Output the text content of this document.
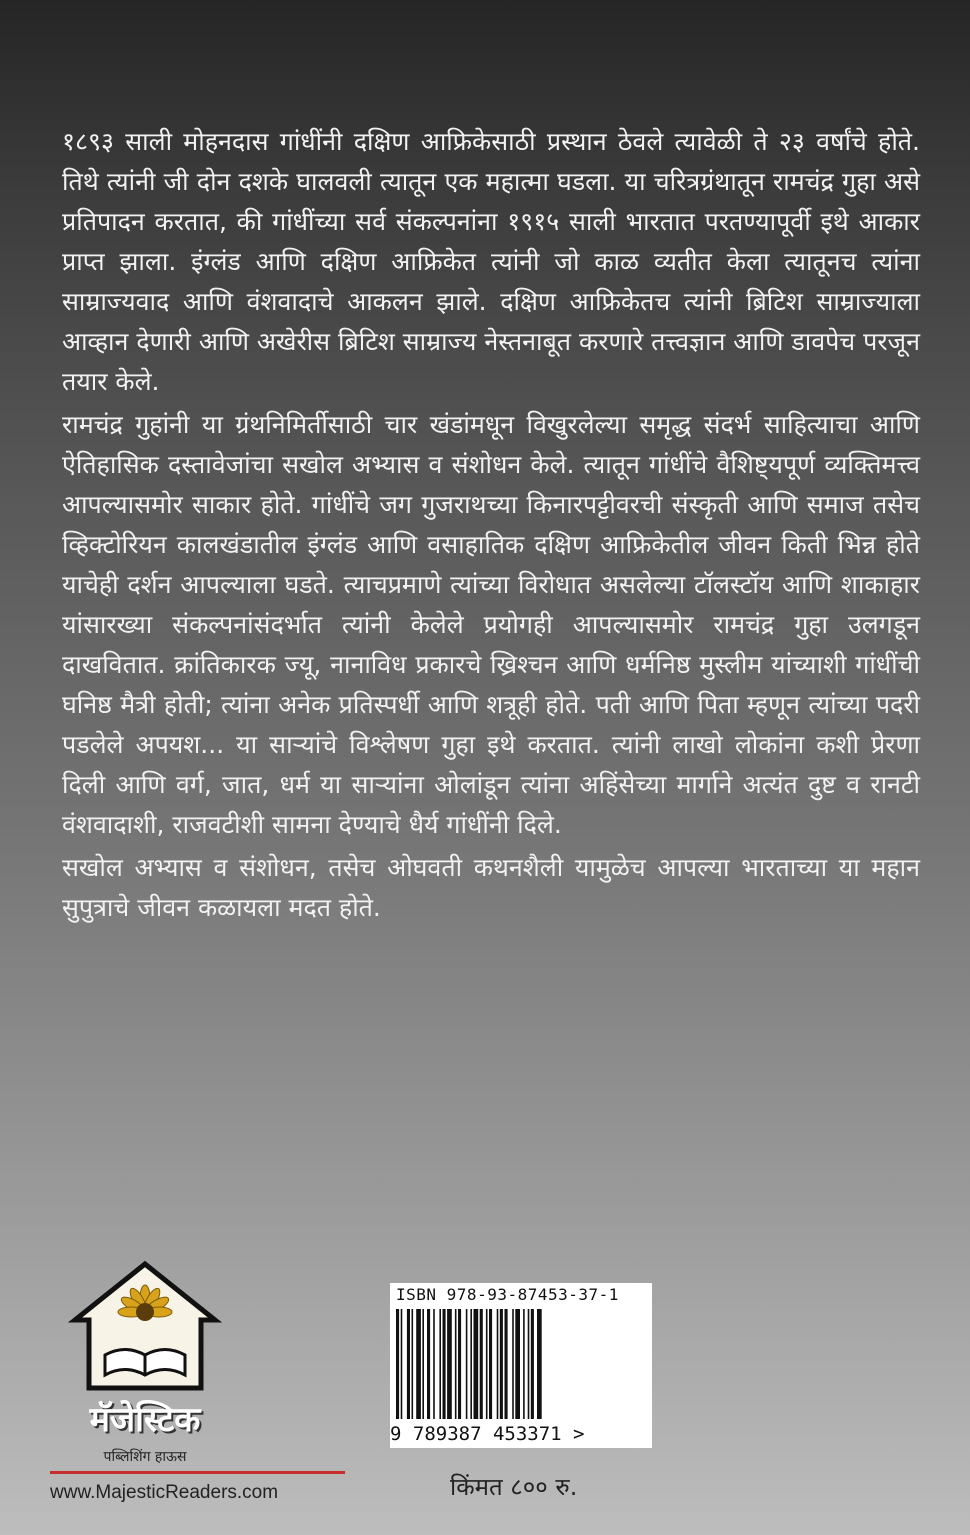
१८९३ साली मोहनदास गांधींनी दक्षिण आफ्रिकेसाठी प्रस्थान ठेवले त्यावेळी ते २३ वर्षांचे होते. तिथे त्यांनी जी दोन दशके घालवली त्यातून एक महात्मा घडला. या चरित्रग्रंथातून रामचंद्र गुहा असे प्रतिपादन करतात, की गांधींच्या सर्व संकल्पनांना १९१५ साली भारतात परतण्यापूर्वी इथे आकार प्राप्त झाला. इंग्लंड आणि दक्षिण आफ्रिकेत त्यांनी जो काळ व्यतीत केला त्यातूनच त्यांना साम्राज्यवाद आणि वंशवादाचे आकलन झाले. दक्षिण आफ्रिकेतच त्यांनी ब्रिटिश साम्राज्याला आव्हान देणारी आणि अखेरीस ब्रिटिश साम्राज्य नेस्तनाबूत करणारे तत्त्वज्ञान आणि डावपेच परजून तयार केले.

रामचंद्र गुहांनी या ग्रंथनिमिर्तीसाठी चार खंडांमधून विखुरलेल्या समृद्ध संदर्भ साहित्याचा आणि ऐतिहासिक दस्तावेजांचा सखोल अभ्यास व संशोधन केले. त्यातून गांधींचे वैशिष्ट्यपूर्ण व्यक्तिमत्त्व आपल्यासमोर साकार होते. गांधींचे जग गुजराथच्या किनारपट्टीवरची संस्कृती आणि समाज तसेच व्हिक्टोरियन कालखंडातील इंग्लंड आणि वसाहातिक दक्षिण आफ्रिकेतील जीवन किती भिन्न होते याचेही दर्शन आपल्याला घडते. त्याचप्रमाणे त्यांच्या विरोधात असलेल्या टॉलस्टॉय आणि शाकाहार यांसारख्या संकल्पनांसंदर्भात त्यांनी केलेले प्रयोगही आपल्यासमोर रामचंद्र गुहा उलगडून दाखवितात. क्रांतिकारक ज्यू, नानाविध प्रकारचे ख्रिश्चन आणि धर्मनिष्ठ मुस्लीम यांच्याशी गांधींची घनिष्ठ मैत्री होती; त्यांना अनेक प्रतिस्पर्धी आणि शत्रूही होते. पती आणि पिता म्हणून त्यांच्या पदरी पडलेले अपयश... या साऱ्यांचे विश्लेषण गुहा इथे करतात. त्यांनी लाखो लोकांना कशी प्रेरणा दिली आणि वर्ग, जात, धर्म या साऱ्यांना ओलांडून त्यांना अहिंसेच्या मार्गाने अत्यंत दुष्ट व रानटी वंशवादाशी, राजवटीशी सामना देण्याचे धैर्य गांधींनी दिले.

सखोल अभ्यास व संशोधन, तसेच ओघवती कथनशैली यामुळेच आपल्या भारताच्या या महान सुपुत्राचे जीवन कळायला मदत होते.

मॅजेस्टिक
पब्लिशिंग हाऊस
www.MajesticReaders.com
ISBN 978-93-87453-37-1
9 789387 453371 >
किंमत ८०० रु.
